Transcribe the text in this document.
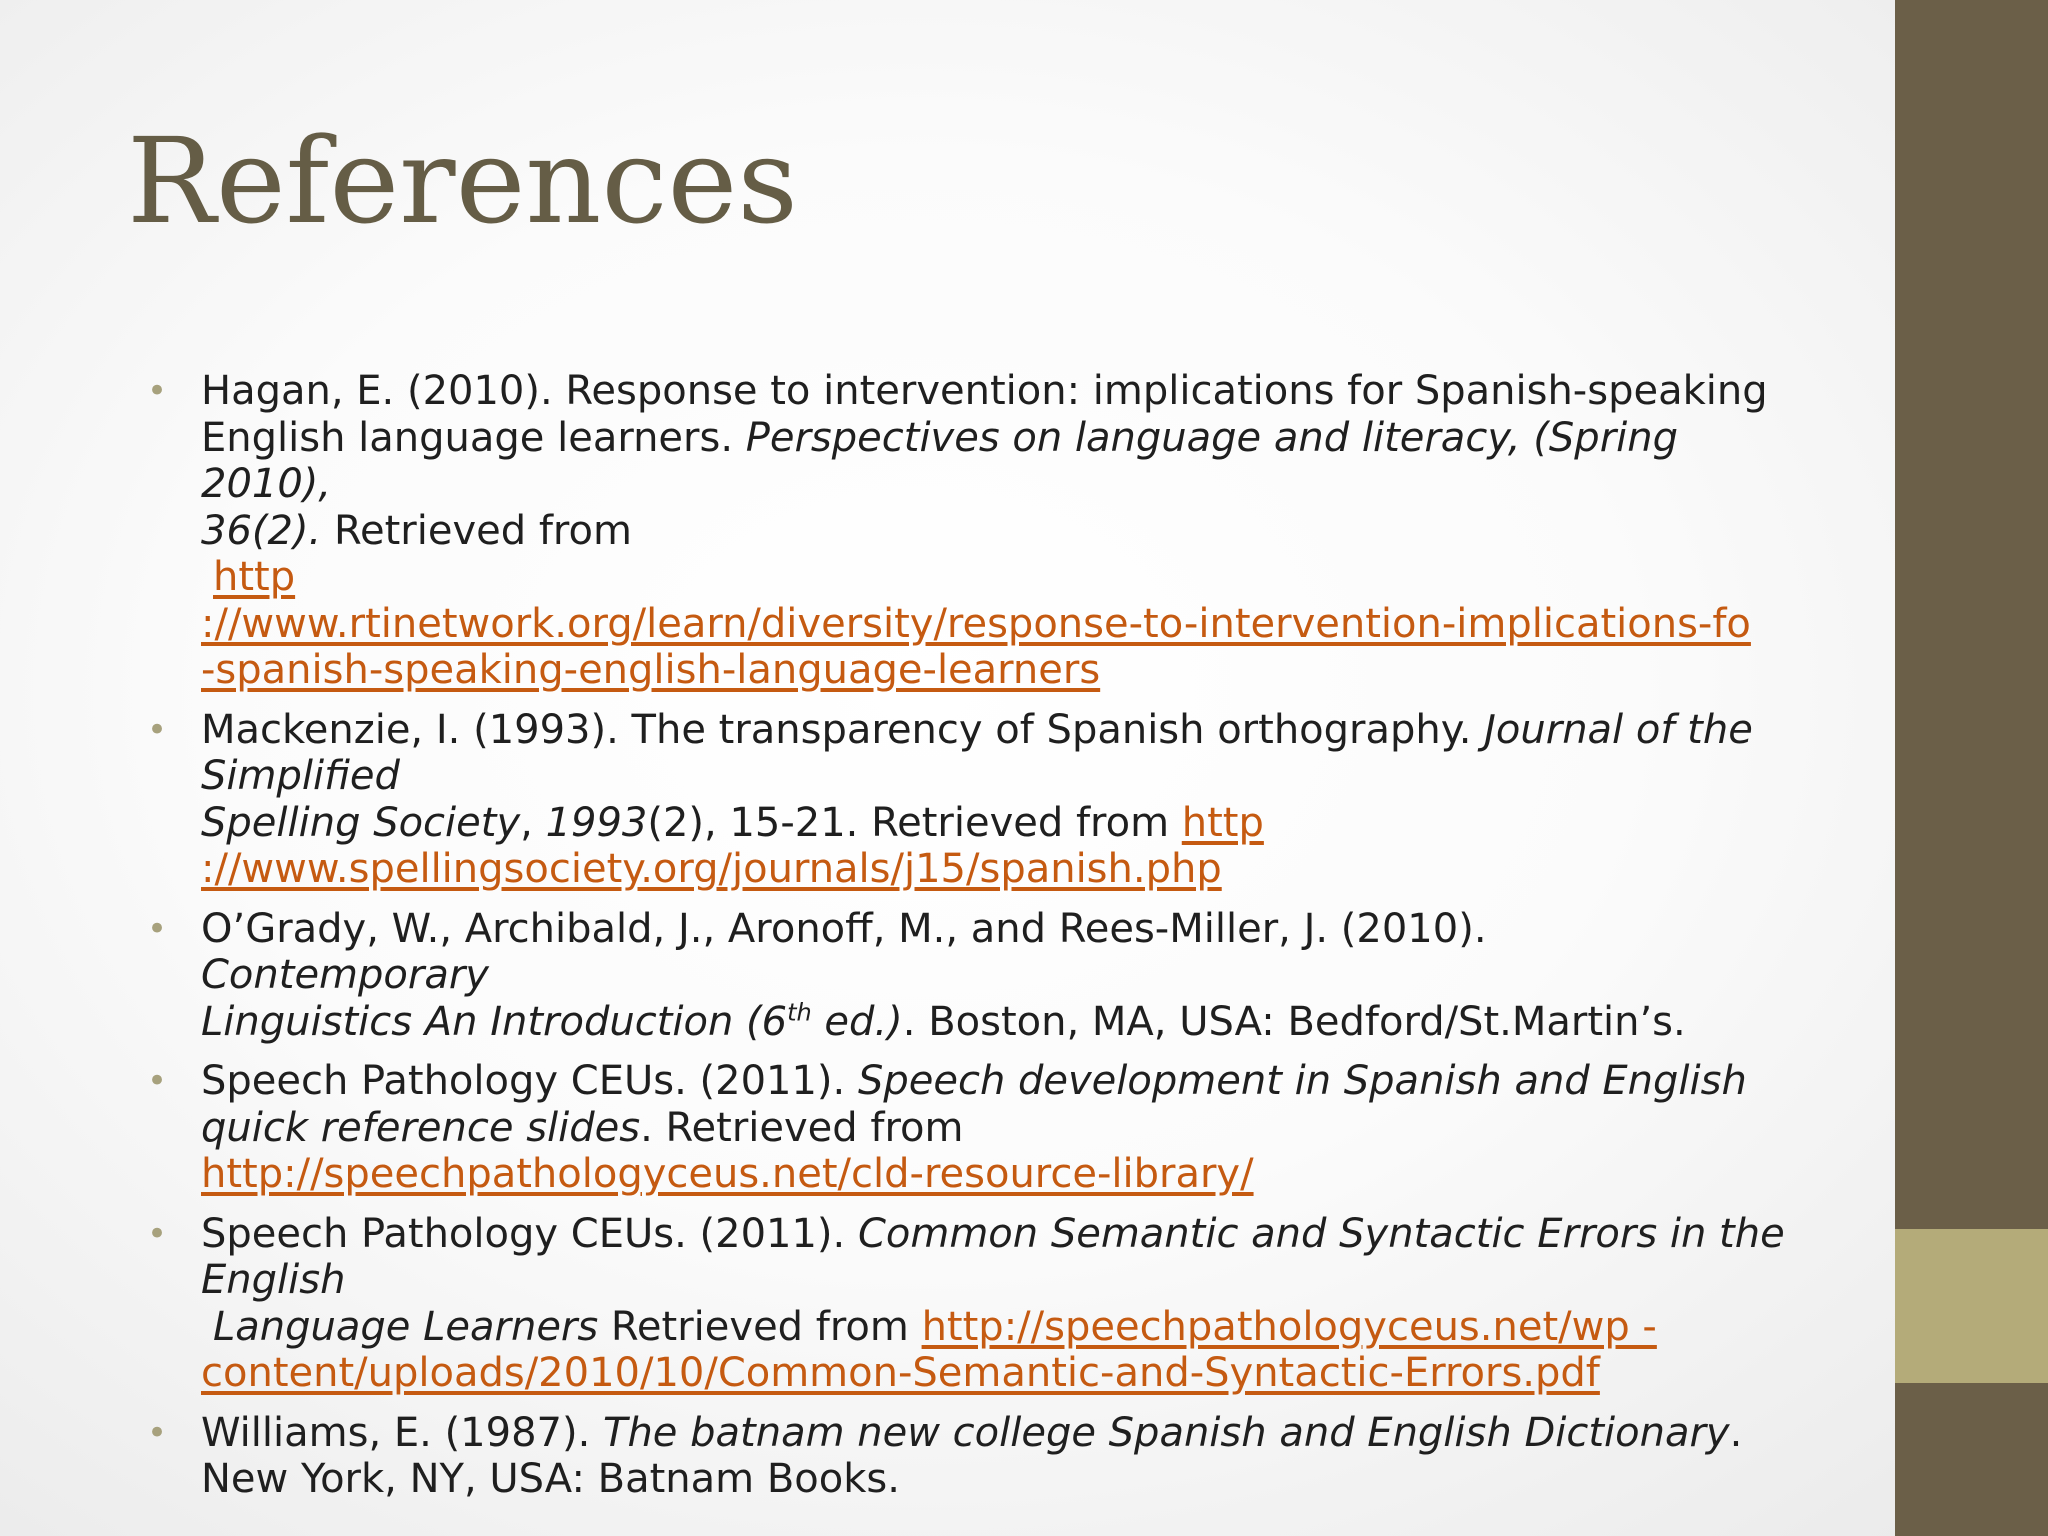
References
• Hagan, E. (2010). Response to intervention: implications for Spanish-speaking
English language learners. Perspectives on language and literacy, (Spring 2010),
36(2). Retrieved from
http
://www.rtinetwork.org/learn/diversity/response-to-intervention-implications-fo
-spanish-speaking-english-language-learners
• Mackenzie, I. (1993). The transparency of Spanish orthography. Journal of the
Simplified
Spelling Society, 1993(2), 15-21. Retrieved from http
://www.spellingsociety.org/journals/j15/spanish.php
• O’Grady, W., Archibald, J., Aronoff, M., and Rees-Miller, J. (2010). Contemporary
Linguistics An Introduction (6th ed.). Boston, MA, USA: Bedford/St.Martin’s.
• Speech Pathology CEUs. (2011). Speech development in Spanish and English
quick reference slides. Retrieved from
http://speechpathologyceus.net/cld-resource-library/
• Speech Pathology CEUs. (2011). Common Semantic and Syntactic Errors in the
English
Language Learners Retrieved from http://speechpathologyceus.net/wp -
content/uploads/2010/10/Common-Semantic-and-Syntactic-Errors.pdf
• Williams, E. (1987). The batnam new college Spanish and English Dictionary.
New York, NY, USA: Batnam Books.
